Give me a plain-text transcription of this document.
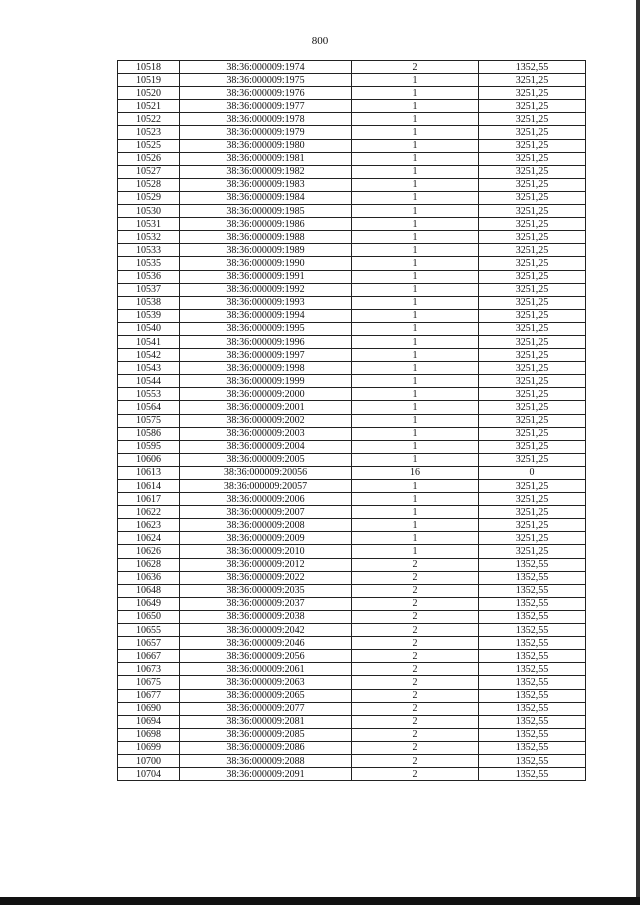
800
10518	38:36:000009:1974	2	1352,55
10519	38:36:000009:1975	1	3251,25
10520	38:36:000009:1976	1	3251,25
10521	38:36:000009:1977	1	3251,25
10522	38:36:000009:1978	1	3251,25
10523	38:36:000009:1979	1	3251,25
10525	38:36:000009:1980	1	3251,25
10526	38:36:000009:1981	1	3251,25
10527	38:36:000009:1982	1	3251,25
10528	38:36:000009:1983	1	3251,25
10529	38:36:000009:1984	1	3251,25
10530	38:36:000009:1985	1	3251,25
10531	38:36:000009:1986	1	3251,25
10532	38:36:000009:1988	1	3251,25
10533	38:36:000009:1989	1	3251,25
10535	38:36:000009:1990	1	3251,25
10536	38:36:000009:1991	1	3251,25
10537	38:36:000009:1992	1	3251,25
10538	38:36:000009:1993	1	3251,25
10539	38:36:000009:1994	1	3251,25
10540	38:36:000009:1995	1	3251,25
10541	38:36:000009:1996	1	3251,25
10542	38:36:000009:1997	1	3251,25
10543	38:36:000009:1998	1	3251,25
10544	38:36:000009:1999	1	3251,25
10553	38:36:000009:2000	1	3251,25
10564	38:36:000009:2001	1	3251,25
10575	38:36:000009:2002	1	3251,25
10586	38:36:000009:2003	1	3251,25
10595	38:36:000009:2004	1	3251,25
10606	38:36:000009:2005	1	3251,25
10613	38:36:000009:20056	16	0
10614	38:36:000009:20057	1	3251,25
10617	38:36:000009:2006	1	3251,25
10622	38:36:000009:2007	1	3251,25
10623	38:36:000009:2008	1	3251,25
10624	38:36:000009:2009	1	3251,25
10626	38:36:000009:2010	1	3251,25
10628	38:36:000009:2012	2	1352,55
10636	38:36:000009:2022	2	1352,55
10648	38:36:000009:2035	2	1352,55
10649	38:36:000009:2037	2	1352,55
10650	38:36:000009:2038	2	1352,55
10655	38:36:000009:2042	2	1352,55
10657	38:36:000009:2046	2	1352,55
10667	38:36:000009:2056	2	1352,55
10673	38:36:000009:2061	2	1352,55
10675	38:36:000009:2063	2	1352,55
10677	38:36:000009:2065	2	1352,55
10690	38:36:000009:2077	2	1352,55
10694	38:36:000009:2081	2	1352,55
10698	38:36:000009:2085	2	1352,55
10699	38:36:000009:2086	2	1352,55
10700	38:36:000009:2088	2	1352,55
10704	38:36:000009:2091	2	1352,55
